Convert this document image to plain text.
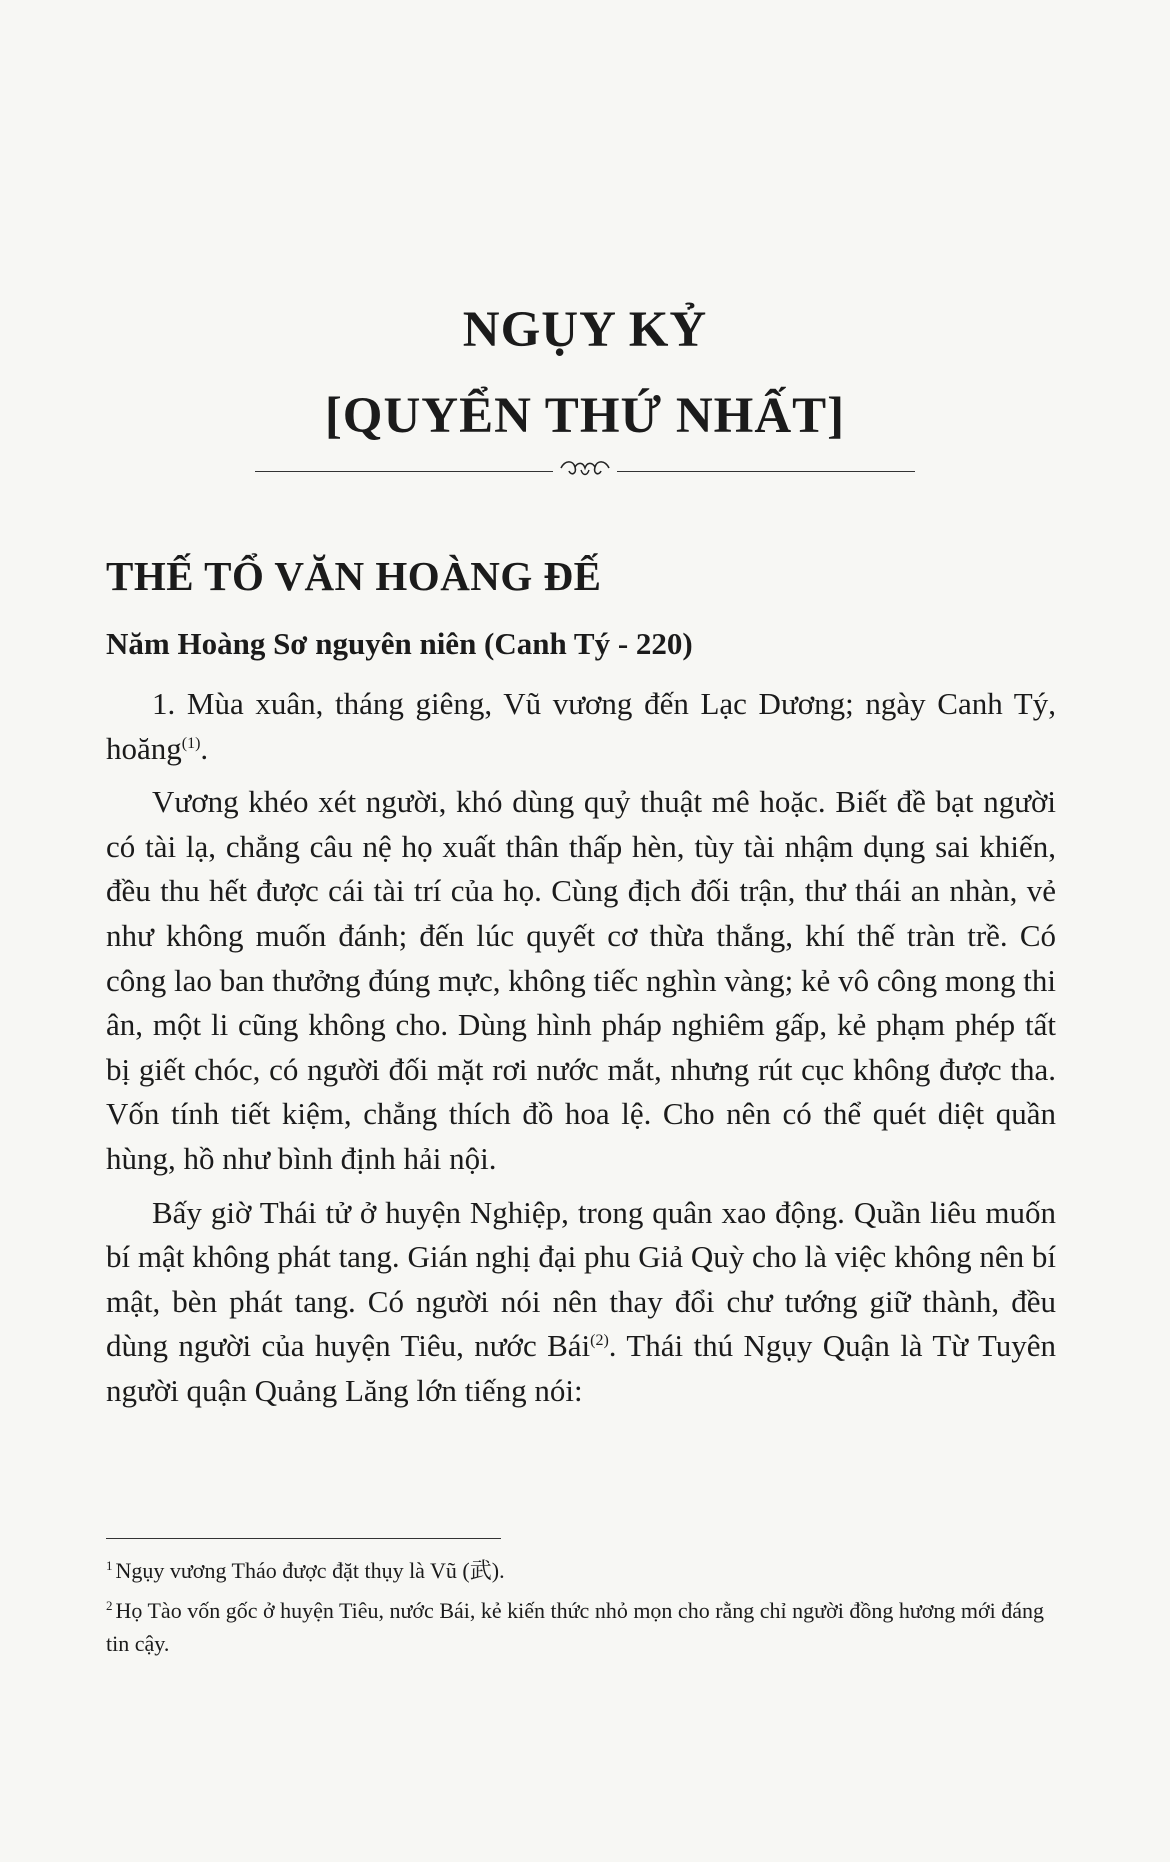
NGỤY KỶ
[QUYỂN THỨ NHẤT]
THẾ TỔ VĂN HOÀNG ĐẾ
Năm Hoàng Sơ nguyên niên (Canh Tý - 220)

1. Mùa xuân, tháng giêng, Vũ vương đến Lạc Dương; ngày Canh Tý, hoăng$^{(1)}$.

Vương khéo xét người, khó dùng quỷ thuật mê hoặc. Biết đề bạt người có tài lạ, chẳng câu nệ họ xuất thân thấp hèn, tùy tài nhậm dụng sai khiến, đều thu hết được cái tài trí của họ. Cùng địch đối trận, thư thái an nhàn, vẻ như không muốn đánh; đến lúc quyết cơ thừa thắng, khí thế tràn trề. Có công lao ban thưởng đúng mực, không tiếc nghìn vàng; kẻ vô công mong thi ân, một li cũng không cho. Dùng hình pháp nghiêm gấp, kẻ phạm phép tất bị giết chóc, có người đối mặt rơi nước mắt, nhưng rút cục không được tha. Vốn tính tiết kiệm, chẳng thích đồ hoa lệ. Cho nên có thể quét diệt quần hùng, hồ như bình định hải nội.

Bấy giờ Thái tử ở huyện Nghiệp, trong quân xao động. Quần liêu muốn bí mật không phát tang. Gián nghị đại phu Giả Quỳ cho là việc không nên bí mật, bèn phát tang. Có người nói nên thay đổi chư tướng giữ thành, đều dùng người của huyện Tiêu, nước Bái$^{(2)}$. Thái thú Ngụy Quận là Từ Tuyên người quận Quảng Lăng lớn tiếng nói:

$^1$ Ngụy vương Tháo được đặt thụy là Vũ (武).
$^2$ Họ Tào vốn gốc ở huyện Tiêu, nước Bái, kẻ kiến thức nhỏ mọn cho rằng chỉ người đồng hương mới đáng tin cậy.
